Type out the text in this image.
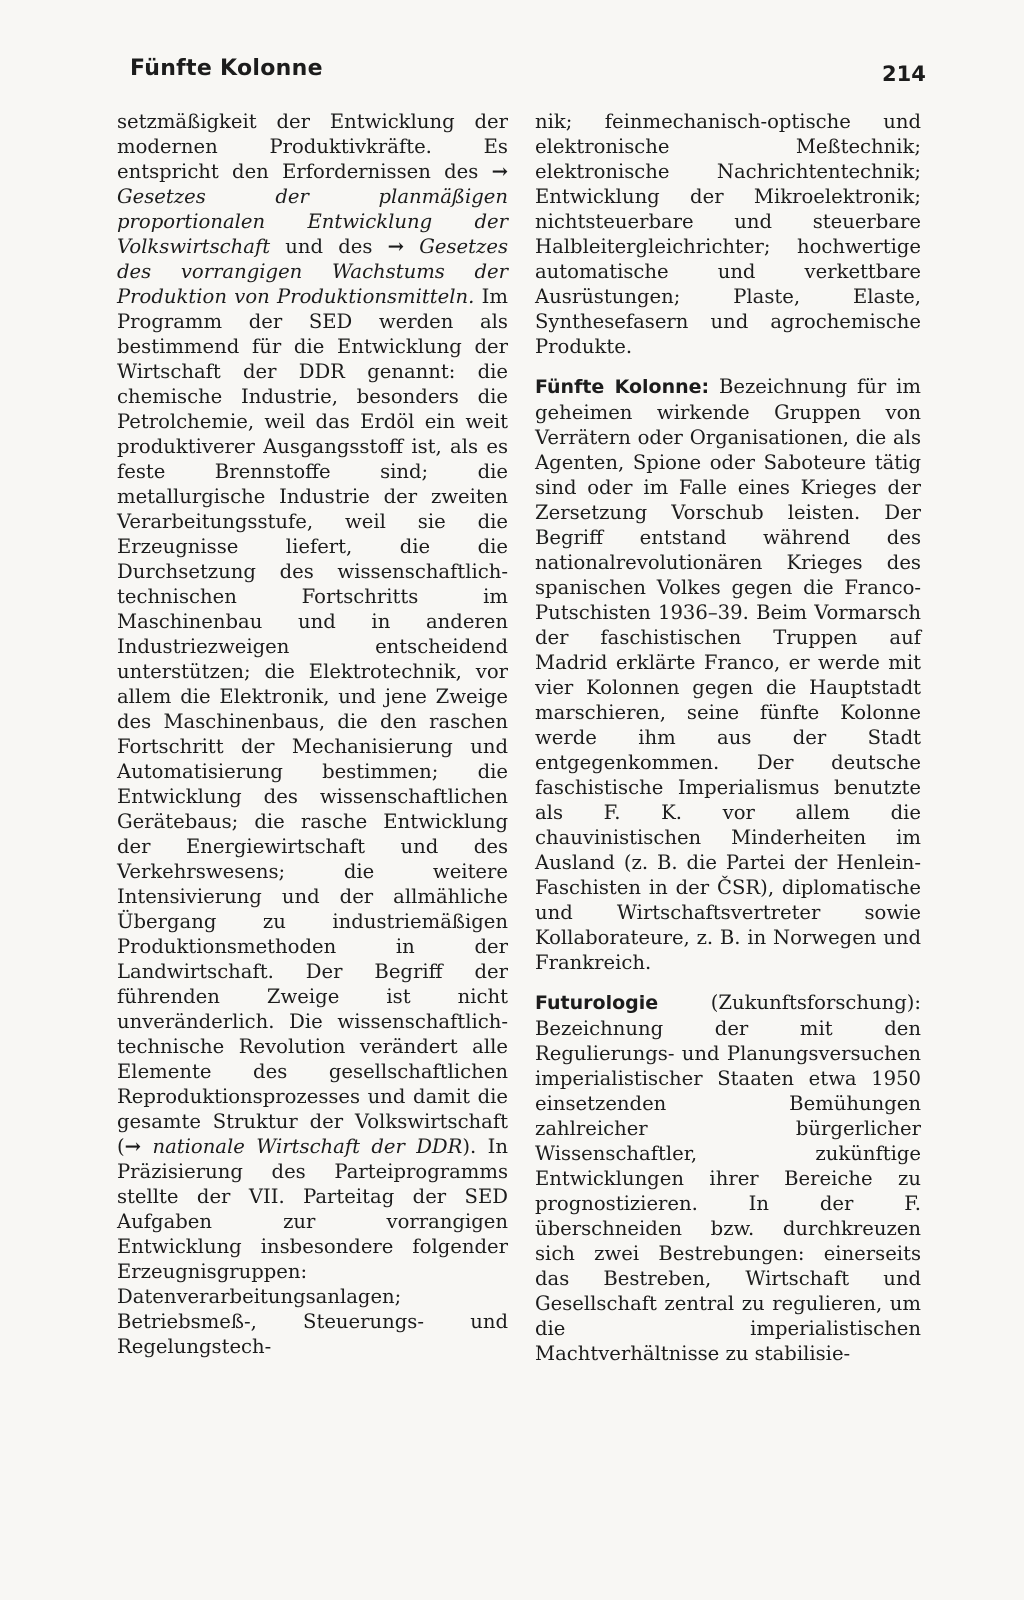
Fünfte Kolonne	214

setzmäßigkeit der Entwicklung der modernen Produktivkräfte. Es entspricht den Erfordernissen des → Gesetzes der planmäßigen proportionalen Entwicklung der Volkswirtschaft und des → Gesetzes des vorrangigen Wachstums der Produktion von Produktionsmitteln. Im Programm der SED werden als bestimmend für die Entwicklung der Wirtschaft der DDR genannt: die chemische Industrie, besonders die Petrolchemie, weil das Erdöl ein weit produktiverer Ausgangsstoff ist, als es feste Brennstoffe sind; die metallurgische Industrie der zweiten Verarbeitungsstufe, weil sie die Erzeugnisse liefert, die die Durchsetzung des wissenschaftlich-technischen Fortschritts im Maschinenbau und in anderen Industriezweigen entscheidend unterstützen; die Elektrotechnik, vor allem die Elektronik, und jene Zweige des Maschinenbaus, die den raschen Fortschritt der Mechanisierung und Automatisierung bestimmen; die Entwicklung des wissenschaftlichen Gerätebaus; die rasche Entwicklung der Energiewirtschaft und des Verkehrswesens; die weitere Intensivierung und der allmähliche Übergang zu industriemäßigen Produktionsmethoden in der Landwirtschaft. Der Begriff der führenden Zweige ist nicht unveränderlich. Die wissenschaftlich-technische Revolution verändert alle Elemente des gesellschaftlichen Reproduktionsprozesses und damit die gesamte Struktur der Volkswirtschaft (→ nationale Wirtschaft der DDR). In Präzisierung des Parteiprogramms stellte der VII. Parteitag der SED Aufgaben zur vorrangigen Entwicklung insbesondere folgender Erzeugnisgruppen: Datenverarbeitungsanlagen; Betriebsmeß-, Steuerungs- und Regelungstech-

nik; feinmechanisch-optische und elektronische Meßtechnik; elektronische Nachrichtentechnik; Entwicklung der Mikroelektronik; nichtsteuerbare und steuerbare Halbleitergleichrichter; hochwertige automatische und verkettbare Ausrüstungen; Plaste, Elaste, Synthesefasern und agrochemische Produkte.

Fünfte Kolonne: Bezeichnung für im geheimen wirkende Gruppen von Verrätern oder Organisationen, die als Agenten, Spione oder Saboteure tätig sind oder im Falle eines Krieges der Zersetzung Vorschub leisten. Der Begriff entstand während des nationalrevolutionären Krieges des spanischen Volkes gegen die Franco-Putschisten 1936–39. Beim Vormarsch der faschistischen Truppen auf Madrid erklärte Franco, er werde mit vier Kolonnen gegen die Hauptstadt marschieren, seine fünfte Kolonne werde ihm aus der Stadt entgegenkommen. Der deutsche faschistische Imperialismus benutzte als F. K. vor allem die chauvinistischen Minderheiten im Ausland (z. B. die Partei der Henlein-Faschisten in der ČSR), diplomatische und Wirtschaftsvertreter sowie Kollaborateure, z. B. in Norwegen und Frankreich.

Futurologie (Zukunftsforschung): Bezeichnung der mit den Regulierungs- und Planungsversuchen imperialistischer Staaten etwa 1950 einsetzenden Bemühungen zahlreicher bürgerlicher Wissenschaftler, zukünftige Entwicklungen ihrer Bereiche zu prognostizieren. In der F. überschneiden bzw. durchkreuzen sich zwei Bestrebungen: einerseits das Bestreben, Wirtschaft und Gesellschaft zentral zu regulieren, um die imperialistischen Machtverhältnisse zu stabilisie-
